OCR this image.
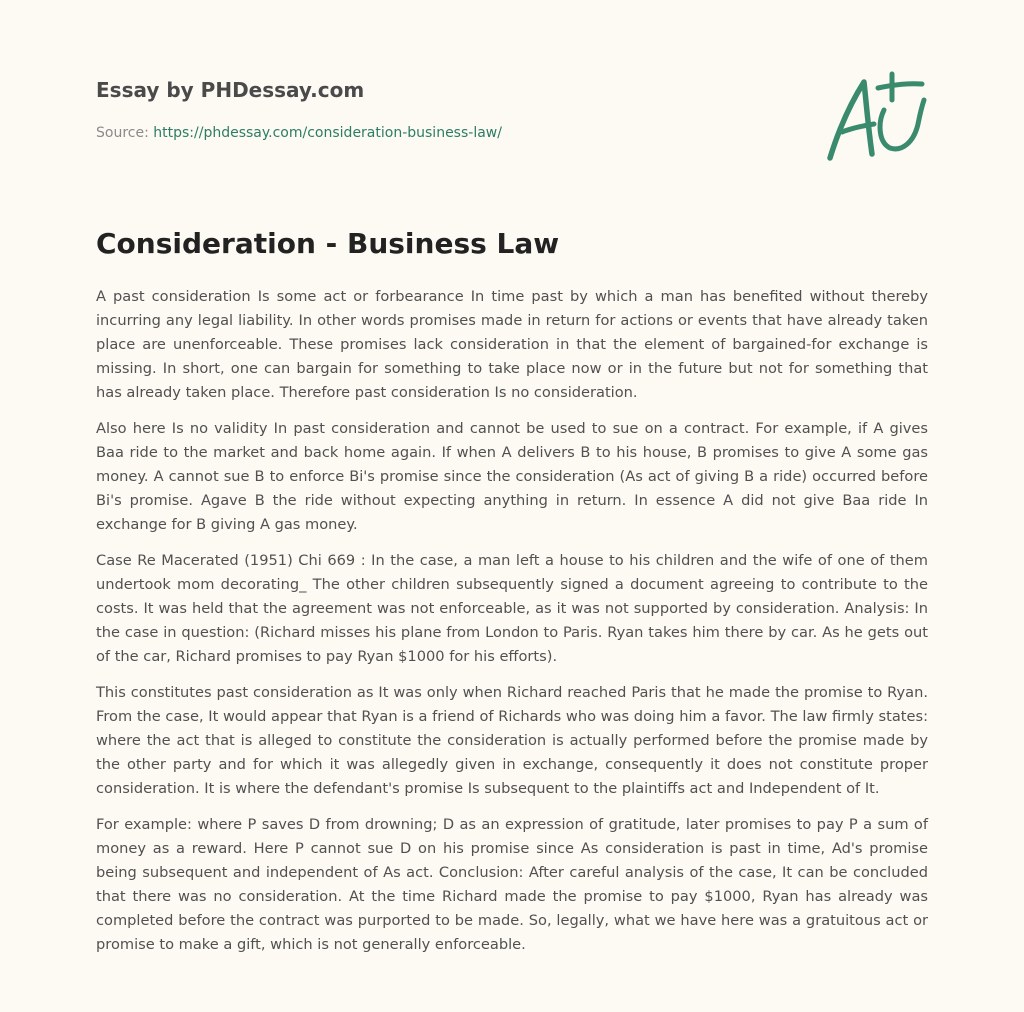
Essay by PHDessay.com
Source: https://phdessay.com/consideration-business-law/
Consideration - Business Law

A past consideration Is some act or forbearance In time past by which a man has benefited without thereby incurring any legal liability. In other words promises made in return for actions or events that have already taken place are unenforceable. These promises lack consideration in that the element of bargained-for exchange is missing. In short, one can bargain for something to take place now or in the future but not for something that has already taken place. Therefore past consideration Is no consideration.

Also here Is no validity In past consideration and cannot be used to sue on a contract. For example, if A gives Baa ride to the market and back home again. If when A delivers B to his house, B promises to give A some gas money. A cannot sue B to enforce Bi's promise since the consideration (As act of giving B a ride) occurred before Bi's promise. Agave B the ride without expecting anything in return. In essence A did not give Baa ride In exchange for B giving A gas money.

Case Re Macerated (1951) Chi 669 : In the case, a man left a house to his children and the wife of one of them undertook mom decorating_ The other children subsequently signed a document agreeing to contribute to the costs. It was held that the agreement was not enforceable, as it was not supported by consideration. Analysis: In the case in question: (Richard misses his plane from London to Paris. Ryan takes him there by car. As he gets out of the car, Richard promises to pay Ryan $1000 for his efforts).

This constitutes past consideration as It was only when Richard reached Paris that he made the promise to Ryan. From the case, It would appear that Ryan is a friend of Richards who was doing him a favor. The law firmly states: where the act that is alleged to constitute the consideration is actually performed before the promise made by the other party and for which it was allegedly given in exchange, consequently it does not constitute proper consideration. It is where the defendant's promise Is subsequent to the plaintiffs act and Independent of It.

For example: where P saves D from drowning; D as an expression of gratitude, later promises to pay P a sum of money as a reward. Here P cannot sue D on his promise since As consideration is past in time, Ad's promise being subsequent and independent of As act. Conclusion: After careful analysis of the case, It can be concluded that there was no consideration. At the time Richard made the promise to pay $1000, Ryan has already was completed before the contract was purported to be made. So, legally, what we have here was a gratuitous act or promise to make a gift, which is not generally enforceable.
